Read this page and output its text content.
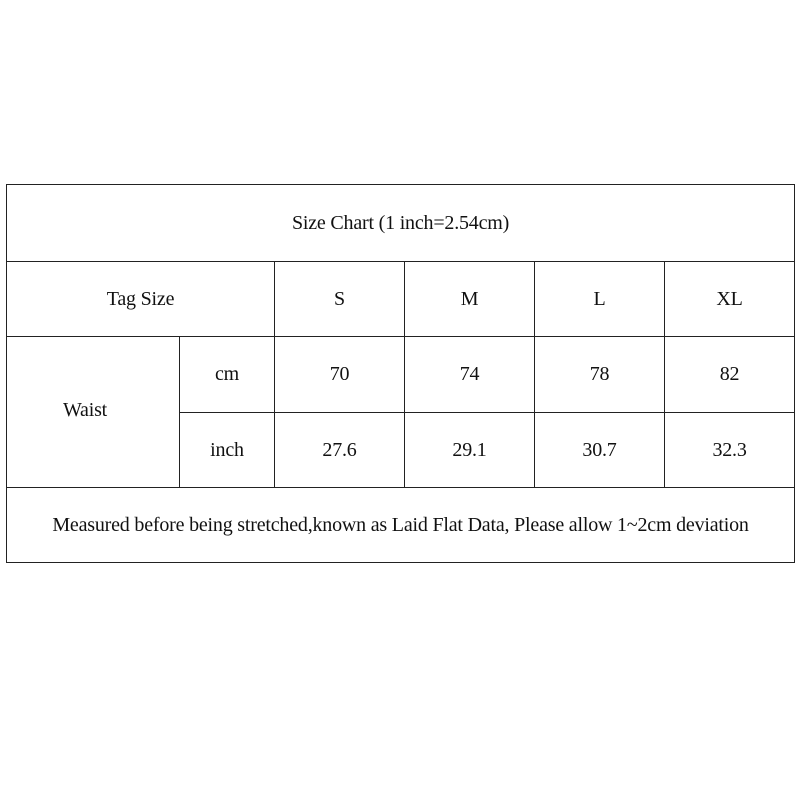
Size Chart (1 inch=2.54cm)					
Tag Size		S	M	L	XL
Waist	cm	70	74	78	82
	inch	27.6	29.1	30.7	32.3
Measured before being stretched,known as Laid Flat Data, Please allow 1~2cm deviation					
